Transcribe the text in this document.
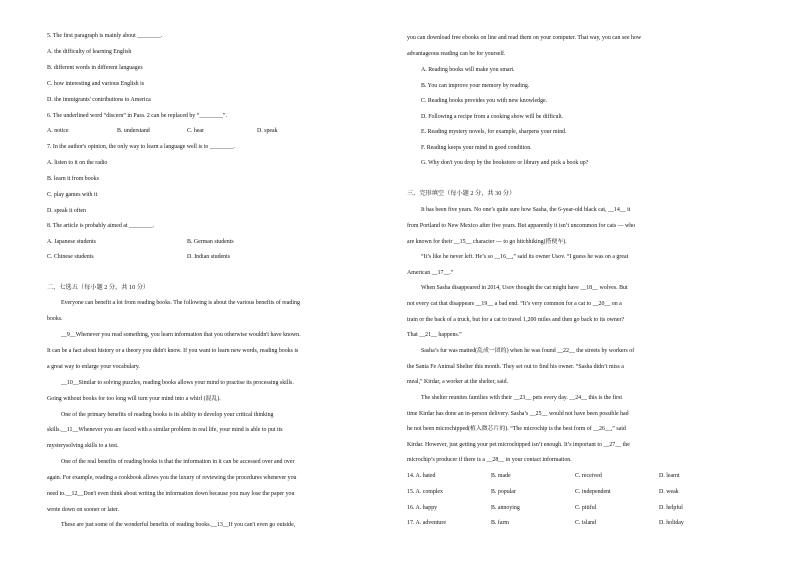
5. The first paragraph is mainly about ________.
A. the difficulty of learning English
B. different words in different languages
C. how interesting and various English is
D. the immigrants' contributions to America
6. The underlined word “discern” in Para. 2 can be replaced by “________”.
A. notice	B. understand	C. hear	D. speak
7. In the author's opinion, the only way to learn a language well is to ________.
A. listen to it on the radio
B. learn it from books
C. play games with it
D. speak it often
8. The article is probably aimed at ________.
A. Japanese students	B. German students
C. Chinese students	D. Indian students
二、七选五（每小题 2 分，共 10 分）
Everyone can benefit a lot from reading books. The following is about the various benefits of reading
books.
__9__Whenever you read something, you learn information that you otherwise wouldn't have known.
It can be a fact about history or a theory you didn't know. If you want to learn new words, reading books is
a great way to enlarge your vocabulary.
__10__Similar to solving puzzles, reading books allows your mind to practise its processing skills.
Going without books for too long will turn your mind into a whirl (混乱).
One of the primary benefits of reading books is its ability to develop your critical thinking
skills.__11__Whenever you are faced with a similar problem in real life, your mind is able to put its
mysterysolving skills to a test.
One of the real benefits of reading books is that the information in it can be accessed over and over
again. For example, reading a cookbook allows you the luxury of reviewing the procedures whenever you
need to.__12__Don't even think about writing the information down because you may lose the paper you
wrote down on sooner or later.
These are just some of the wonderful benefits of reading books.__13__If you can't even go outside,
you can download free ebooks on line and read them on your computer. That way, you can see how
advantageous reading can be for yourself.
A. Reading books will make you smart.
B. You can improve your memory by reading.
C. Reading books provides you with new knowledge.
D. Following a recipe from a cooking show will be difficult.
E. Reading mystery novels, for example, sharpens your mind.
F. Reading keeps your mind in good condition.
G. Why don't you drop by the bookstore or library and pick a book up?
三、完形填空（每小题 2 分，共 30 分）
It has been five years. No one’s quite sure how Sasha, the 6-year-old black cat, __14__ it
from Portland to New Mexico after five years. But apparently it isn’t uncommon for cats — who
are known for their __15__ character — to go hitchhiking(搭便车).
“It’s like he never left. He’s so __16__,” said its owner Usov. “I guess he was on a great
American __17__.”
When Sasha disappeared in 2014, Usov thought the cat might have __18__ wolves. But
not every cat that disappears __19__ a bad end. “It’s very common for a cat to __20__ on a
train or the back of a truck, but for a cat to travel 1,200 miles and then go back to its owner?
That __21__ happens.”
Sasha’s fur was matted(乱成一团的) when he was found __22__ the streets by workers of
the Santa Fe Animal Shelter this month. They set out to find his owner. “Sasha didn’t miss a
meal,” Kirdar, a worker at the shelter, said.
The shelter reunites families with their __23__ pets every day. __24__ this is the first
time Kirdar has done an in-person delivery. Sasha’s __25__ would not have been possible had
he not been microchipped(植入微芯片的). “The microchip is the best form of __26__,” said
Kirdar. However, just getting your pet microchipped isn’t enough. It’s important to __27__ the
microchip’s producer if there is a __28__ in your contact information.
14. A. hated	B. made	C. received	D. learnt
15. A. complex	B. popular	C. independent	D. weak
16. A. happy	B. annoying	C. pitiful	D. helpful
17. A. adventure	B. farm	C. island	D. holiday
